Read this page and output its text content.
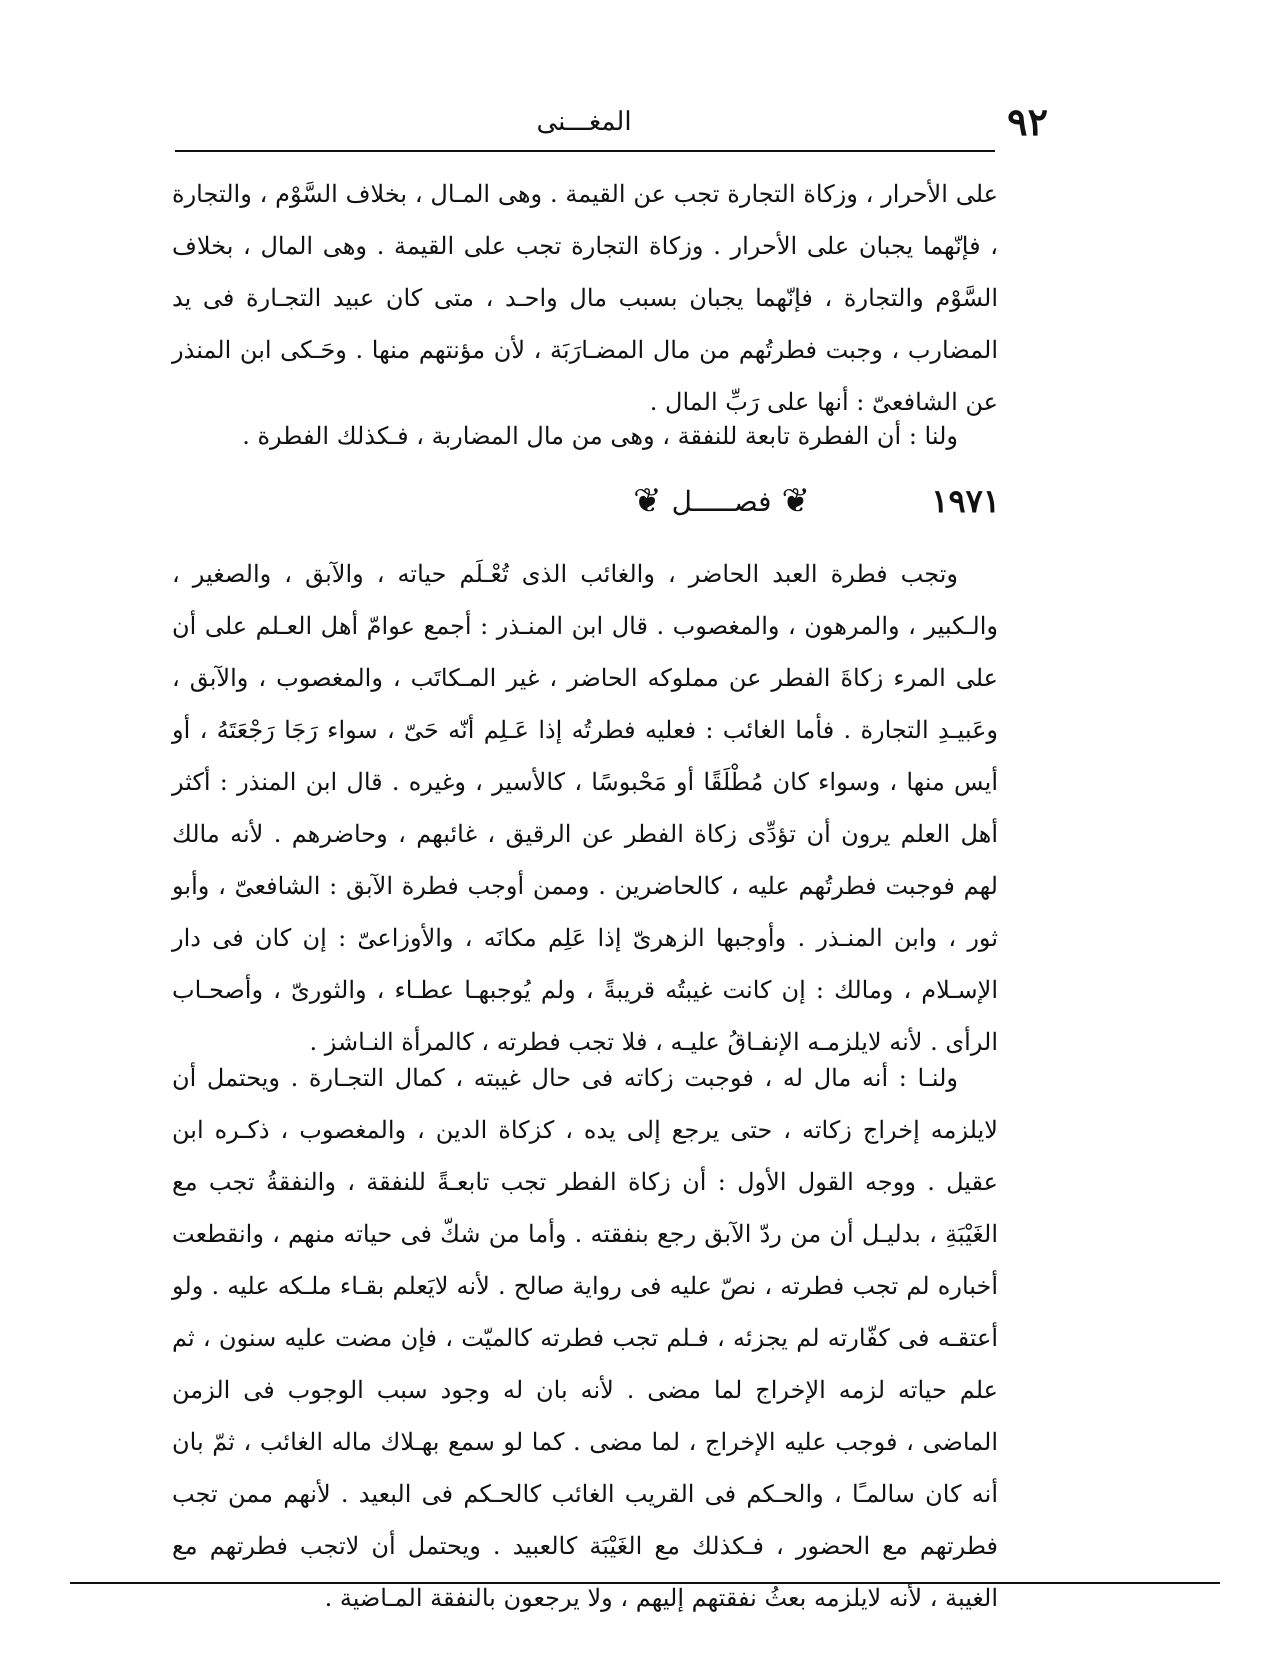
المغـــنى	٩٢

على الأحرار ، وزكاة التجارة تجب عن القيمة . وهى المـال ، بخلاف السَّوْم ، والتجارة ، فإنّهما يجبان على الأحرار . وزكاة التجارة تجب على القيمة . وهى المال ، بخلاف السَّوْم والتجارة ، فإنّهما يجبان بسبب مال واحـد ، متى كان عبيد التجـارة فى يد المضارب ، وجبت فطرتُهم من مال المضـارَبَة ، لأن مؤنتهم منها . وحَـكى ابن المنذر عن الشافعىّ : أنها على رَبِّ المال .

ولنا : أن الفطرة تابعة للنفقة ، وهى من مال المضاربة ، فـكذلك الفطرة .

١٩٧١
❦
فصـــــل
❦

وتجب فطرة العبد الحاضر ، والغائب الذى تُعْـلَم حياته ، والآبق ، والصغير ، والـكبير ، والمرهون ، والمغصوب . قال ابن المنـذر : أجمع عوامّ أهل العـلم على أن على المرء زكاةَ الفطر عن مملوكه الحاضر ، غير المـكاتَب ، والمغصوب ، والآبق ، وعَبيـدِ التجارة . فأما الغائب : فعليه فطرتُه إذا عَـلِم أنّه حَىّ ، سواء رَجَا رَجْعَتَهُ ، أو أيس منها ، وسواء كان مُطْلَقًا أو مَحْبوسًا ، كالأسير ، وغيره . قال ابن المنذر : أكثر أهل العلم يرون أن تؤدِّى زكاة الفطر عن الرقيق ، غائبهم ، وحاضرهم . لأنه مالك لهم فوجبت فطرتُهم عليه ، كالحاضرين . وممن أوجب فطرة الآبق : الشافعىّ ، وأبو ثور ، وابن المنـذر . وأوجبها الزهرىّ إذا عَلِم مكانَه ، والأوزاعىّ : إن كان فى دار الإسـلام ، ومالك : إن كانت غيبتُه قريبةً ، ولم يُوجبهـا عطـاء ، والثورىّ ، وأصحـاب الرأى . لأنه لايلزمـه الإنفـاقُ عليـه ، فلا تجب فطرته ، كالمرأة النـاشز .

ولنـا : أنه مال له ، فوجبت زكاته فى حال غيبته ، كمال التجـارة . ويحتمل أن لايلزمه إخراج زكاته ، حتى يرجع إلى يده ، كزكاة الدين ، والمغصوب ، ذكـره ابن عقيل . ووجه القول الأول : أن زكاة الفطر تجب تابعـةً للنفقة ، والنفقةُ تجب مع الغَيْبَةِ ، بدليـل أن من ردّ الآبق رجع بنفقته . وأما من شكّ فى حياته منهم ، وانقطعت أخباره لم تجب فطرته ، نصّ عليه فى رواية صالح . لأنه لايَعلم بقـاء ملـكه عليه . ولو أعتقـه فى كفّارته لم يجزئه ، فـلم تجب فطرته كالميّت ، فإن مضت عليه سنون ، ثم علم حياته لزمه الإخراج لما مضى . لأنه بان له وجود سبب الوجوب فى الزمن الماضى ، فوجب عليه الإخراج ، لما مضى . كما لو سمع بهـلاك ماله الغائب ، ثمّ بان أنه كان سالمـًا ، والحـكم فى القريب الغائب كالحـكم فى البعيد . لأنهم ممن تجب فطرتهم مع الحضور ، فـكذلك مع الغَيْبَة كالعبيد . ويحتمل أن لاتجب فطرتهم مع الغيبة ، لأنه لايلزمه بعثُ نفقتهم إليهم ، ولا يرجعون بالنفقة المـاضية .
